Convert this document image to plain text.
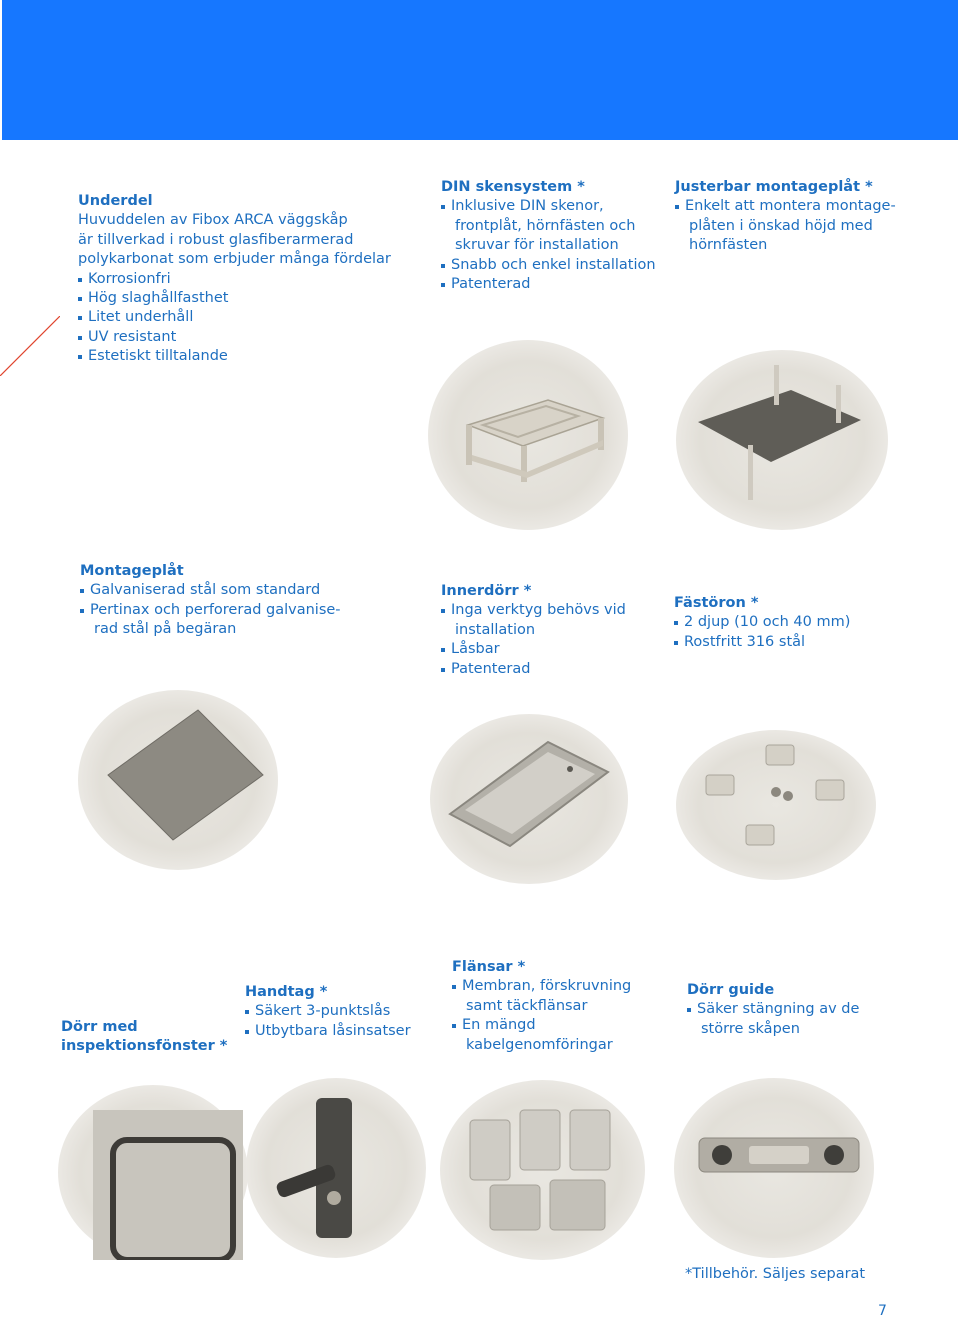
Underdel
Huvuddelen av Fibox ARCA väggskåp
är tillverkad i robust glasfiberarmerad
polykarbonat som erbjuder många fördelar
Korrosionfri
Hög slaghållfasthet
Litet underhåll
UV resistant
Estetiskt tilltalande
DIN skensystem *
Inklusive DIN skenor,
frontplåt, hörnfästen och
skruvar för installation
Snabb och enkel installation
Patenterad
Justerbar montageplåt *
Enkelt att montera montage-
plåten i önskad höjd med
hörnfästen
Montageplåt
Galvaniserad stål som standard
Pertinax och perforerad galvanise-
rad stål på begäran
Innerdörr *
Inga verktyg behövs vid
installation
Låsbar
Patenterad
Fästöron *
2 djup (10 och 40 mm)
Rostfritt 316 stål
Dörr med
inspektionsfönster *
Handtag *
Säkert 3-punktslås
Utbytbara låsinsatser
Flänsar *
Membran, förskruvning
samt täckflänsar
En mängd
kabelgenomföringar
Dörr guide
Säker stängning av de
större skåpen
*Tillbehör. Säljes separat
7
